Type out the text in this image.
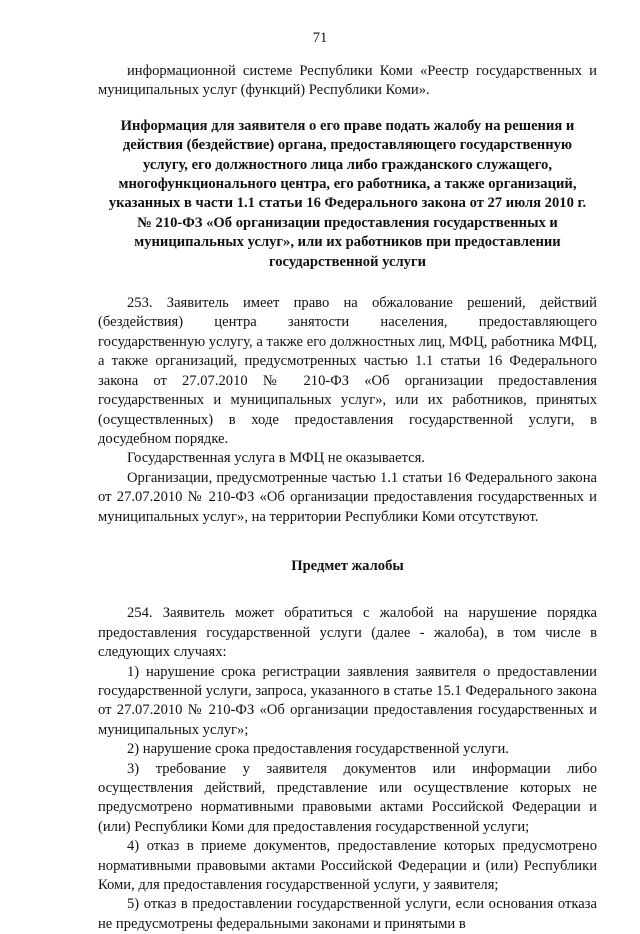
71

информационной системе Республики Коми «Реестр государственных и муниципальных услуг (функций) Республики Коми».

Информация для заявителя о его праве подать жалобу на решения и действия (бездействие) органа, предоставляющего государственную услугу, его должностного лица либо гражданского служащего, многофункционального центра, его работника, а также организаций, указанных в части 1.1 статьи 16 Федерального закона от 27 июля 2010 г. № 210-ФЗ «Об организации предоставления государственных и муниципальных услуг», или их работников при предоставлении государственной услуги

253. Заявитель имеет право на обжалование решений, действий (бездействия) центра занятости населения, предоставляющего государственную услугу, а также его должностных лиц, МФЦ, работника МФЦ, а также организаций, предусмотренных частью 1.1 статьи 16 Федерального закона от 27.07.2010 № 210-ФЗ «Об организации предоставления государственных и муниципальных услуг», или их работников, принятых (осуществленных) в ходе предоставления государственной услуги, в досудебном порядке.

Государственная услуга в МФЦ не оказывается.

Организации, предусмотренные частью 1.1 статьи 16 Федерального закона от 27.07.2010 № 210-ФЗ «Об организации предоставления государственных и муниципальных услуг», на территории Республики Коми отсутствуют.

Предмет жалобы

254. Заявитель может обратиться с жалобой на нарушение порядка предоставления государственной услуги (далее - жалоба), в том числе в следующих случаях:

1) нарушение срока регистрации заявления заявителя о предоставлении государственной услуги, запроса, указанного в статье 15.1 Федерального закона от 27.07.2010 № 210-ФЗ «Об организации предоставления государственных и муниципальных услуг»;

2) нарушение срока предоставления государственной услуги.

3) требование у заявителя документов или информации либо осуществления действий, представление или осуществление которых не предусмотрено нормативными правовыми актами Российской Федерации и (или) Республики Коми для предоставления государственной услуги;

4) отказ в приеме документов, предоставление которых предусмотрено нормативными правовыми актами Российской Федерации и (или) Республики Коми, для предоставления государственной услуги, у заявителя;

5) отказ в предоставлении государственной услуги, если основания отказа не предусмотрены федеральными законами и принятыми в
